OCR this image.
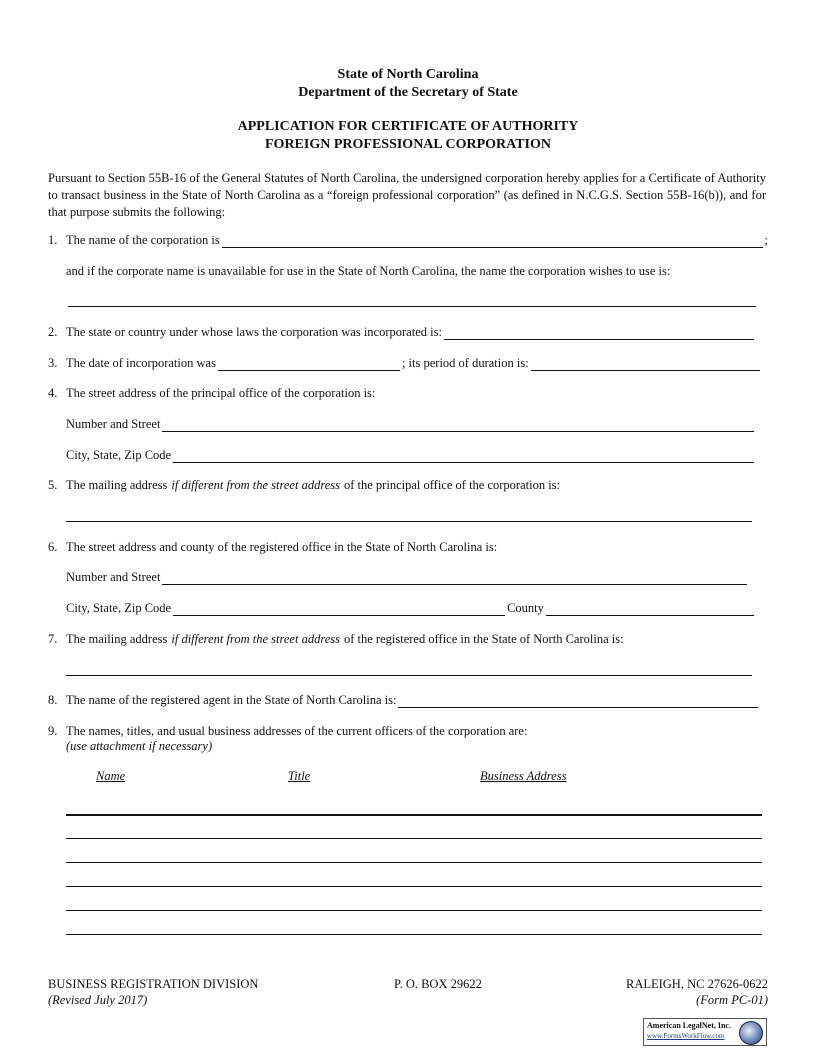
State of North Carolina
Department of the Secretary of State
APPLICATION FOR CERTIFICATE OF AUTHORITY
FOREIGN PROFESSIONAL CORPORATION
Pursuant to Section 55B-16 of the General Statutes of North Carolina, the undersigned corporation hereby applies for a Certificate of Authority to transact business in the State of North Carolina as a “foreign professional corporation” (as defined in N.C.G.S. Section 55B-16(b)), and for that purpose submits the following:
1. The name of the corporation is	;
and if the corporate name is unavailable for use in the State of North Carolina, the name the corporation wishes to use is:
2. The state or country under whose laws the corporation was incorporated is:
3. The date of incorporation was	; its period of duration is:
4. The street address of the principal office of the corporation is:
Number and Street
City, State, Zip Code
5. The mailing address if different from the street address of the principal office of the corporation is:
6. The street address and county of the registered office in the State of North Carolina is:
Number and Street
City, State, Zip Code	County
7. The mailing address if different from the street address of the registered office in the State of North Carolina is:
8. The name of the registered agent in the State of North Carolina is:
9. The names, titles, and usual business addresses of the current officers of the corporation are:
(use attachment if necessary)
Name	Title	Business Address
BUSINESS REGISTRATION DIVISION	P. O. BOX 29622	RALEIGH, NC 27626-0622
(Revised July 2017)	(Form PC-01)
American LegalNet, Inc.
www.FormsWorkFlow.com
